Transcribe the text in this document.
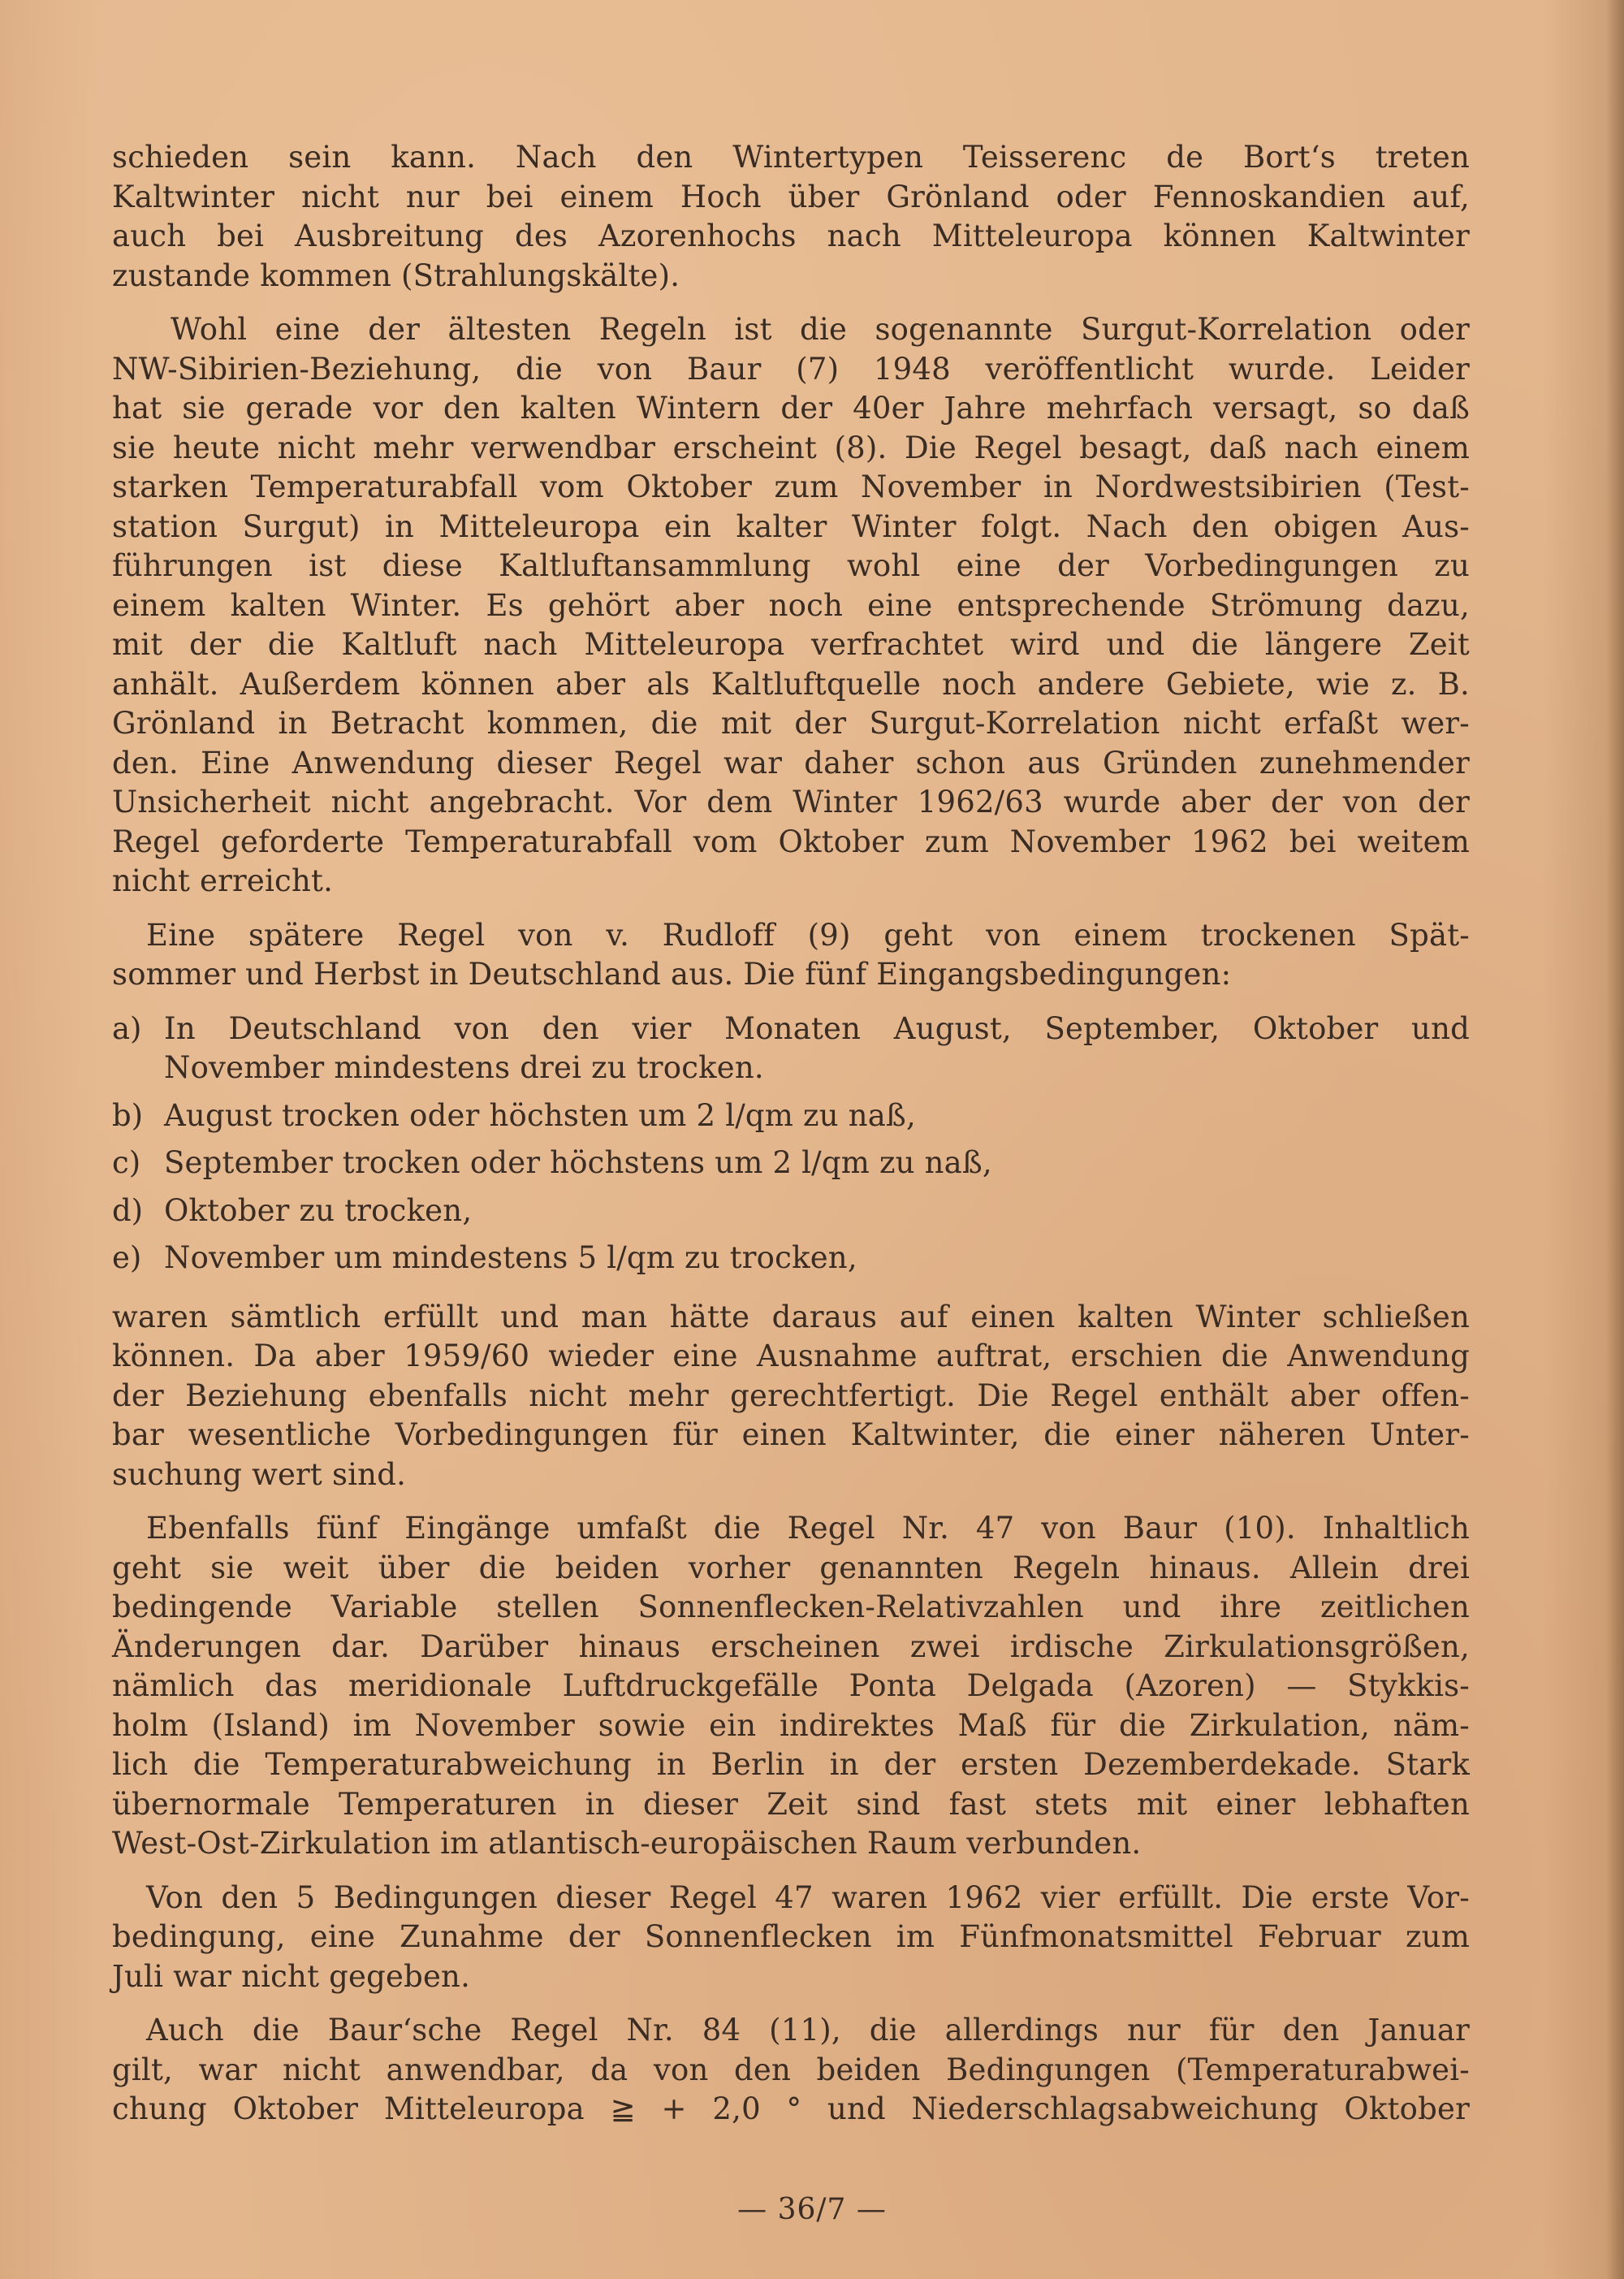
schieden sein kann. Nach den Wintertypen Teisserenc de Bort‘s treten
Kaltwinter nicht nur bei einem Hoch über Grönland oder Fennoskandien auf,
auch bei Ausbreitung des Azorenhochs nach Mitteleuropa können Kaltwinter
zustande kommen (Strahlungskälte).

Wohl eine der ältesten Regeln ist die sogenannte Surgut-Korrelation oder
NW-Sibirien-Beziehung, die von Baur (7) 1948 veröffentlicht wurde. Leider
hat sie gerade vor den kalten Wintern der 40er Jahre mehrfach versagt, so daß
sie heute nicht mehr verwendbar erscheint (8). Die Regel besagt, daß nach einem
starken Temperaturabfall vom Oktober zum November in Nordwestsibirien (Test-
station Surgut) in Mitteleuropa ein kalter Winter folgt. Nach den obigen Aus-
führungen ist diese Kaltluftansammlung wohl eine der Vorbedingungen zu
einem kalten Winter. Es gehört aber noch eine entsprechende Strömung dazu,
mit der die Kaltluft nach Mitteleuropa verfrachtet wird und die längere Zeit
anhält. Außerdem können aber als Kaltluftquelle noch andere Gebiete, wie z. B.
Grönland in Betracht kommen, die mit der Surgut-Korrelation nicht erfaßt wer-
den. Eine Anwendung dieser Regel war daher schon aus Gründen zunehmender
Unsicherheit nicht angebracht. Vor dem Winter 1962/63 wurde aber der von der
Regel geforderte Temperaturabfall vom Oktober zum November 1962 bei weitem
nicht erreicht.

Eine spätere Regel von v. Rudloff (9) geht von einem trockenen Spät-
sommer und Herbst in Deutschland aus. Die fünf Eingangsbedingungen:

a) In Deutschland von den vier Monaten August, September, Oktober und
November mindestens drei zu trocken.
b) August trocken oder höchsten um 2 l/qm zu naß,
c) September trocken oder höchstens um 2 l/qm zu naß,
d) Oktober zu trocken,
e) November um mindestens 5 l/qm zu trocken,

waren sämtlich erfüllt und man hätte daraus auf einen kalten Winter schließen
können. Da aber 1959/60 wieder eine Ausnahme auftrat, erschien die Anwendung
der Beziehung ebenfalls nicht mehr gerechtfertigt. Die Regel enthält aber offen-
bar wesentliche Vorbedingungen für einen Kaltwinter, die einer näheren Unter-
suchung wert sind.

Ebenfalls fünf Eingänge umfaßt die Regel Nr. 47 von Baur (10). Inhaltlich
geht sie weit über die beiden vorher genannten Regeln hinaus. Allein drei
bedingende Variable stellen Sonnenflecken-Relativzahlen und ihre zeitlichen
Änderungen dar. Darüber hinaus erscheinen zwei irdische Zirkulationsgrößen,
nämlich das meridionale Luftdruckgefälle Ponta Delgada (Azoren) — Stykkis-
holm (Island) im November sowie ein indirektes Maß für die Zirkulation, näm-
lich die Temperaturabweichung in Berlin in der ersten Dezemberdekade. Stark
übernormale Temperaturen in dieser Zeit sind fast stets mit einer lebhaften
West-Ost-Zirkulation im atlantisch-europäischen Raum verbunden.

Von den 5 Bedingungen dieser Regel 47 waren 1962 vier erfüllt. Die erste Vor-
bedingung, eine Zunahme der Sonnenflecken im Fünfmonatsmittel Februar zum
Juli war nicht gegeben.

Auch die Baur‘sche Regel Nr. 84 (11), die allerdings nur für den Januar
gilt, war nicht anwendbar, da von den beiden Bedingungen (Temperaturabwei-
chung Oktober Mitteleuropa ≧ + 2,0 ° und Niederschlagsabweichung Oktober

— 36/7 —
